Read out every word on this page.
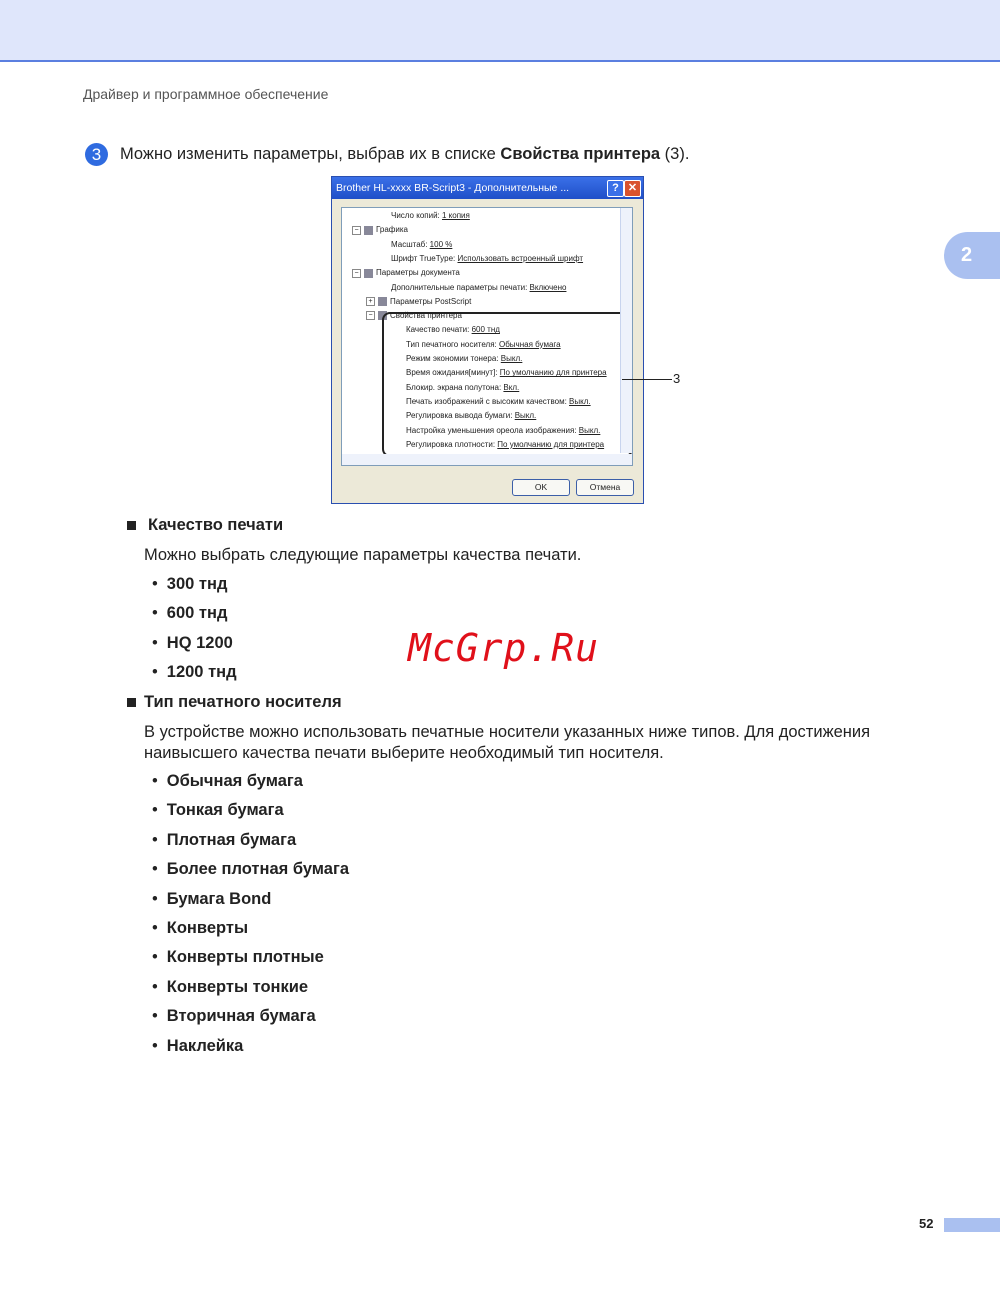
Драйвер и программное обеспечение
3	Можно изменить параметры, выбрав их в списке Свойства принтера (3).
Brother HL-xxxx BR-Script3 - Дополнительные ...	? ✕
Число копий: 1 копия
− Графика
Масштаб: 100 %
Шрифт TrueType: Использовать встроенный шрифт
− Параметры документа
Дополнительные параметры печати: Включено
+ Параметры PostScript
− Свойства принтера
Качество печати: 600 тнд
Тип печатного носителя: Обычная бумага
Режим экономии тонера: Выкл.
Время ожидания[минут]: По умолчанию для принтера
Блокир. экрана полутона: Вкл.
Печать изображений с высоким качеством: Выкл.
Регулировка вывода бумаги: Выкл.
Настройка уменьшения ореола изображения: Выкл.
Регулировка плотности: По умолчанию для принтера
OK	Отмена
3
2
Качество печати
Можно выбрать следующие параметры качества печати.
• 300 тнд
• 600 тнд
• HQ 1200
• 1200 тнд
Тип печатного носителя
В устройстве можно использовать печатные носители указанных ниже типов. Для достижения наивысшего качества печати выберите необходимый тип носителя.
• Обычная бумага
• Тонкая бумага
• Плотная бумага
• Более плотная бумага
• Бумага Bond
• Конверты
• Конверты плотные
• Конверты тонкие
• Вторичная бумага
• Наклейка
McGrp.Ru
52
